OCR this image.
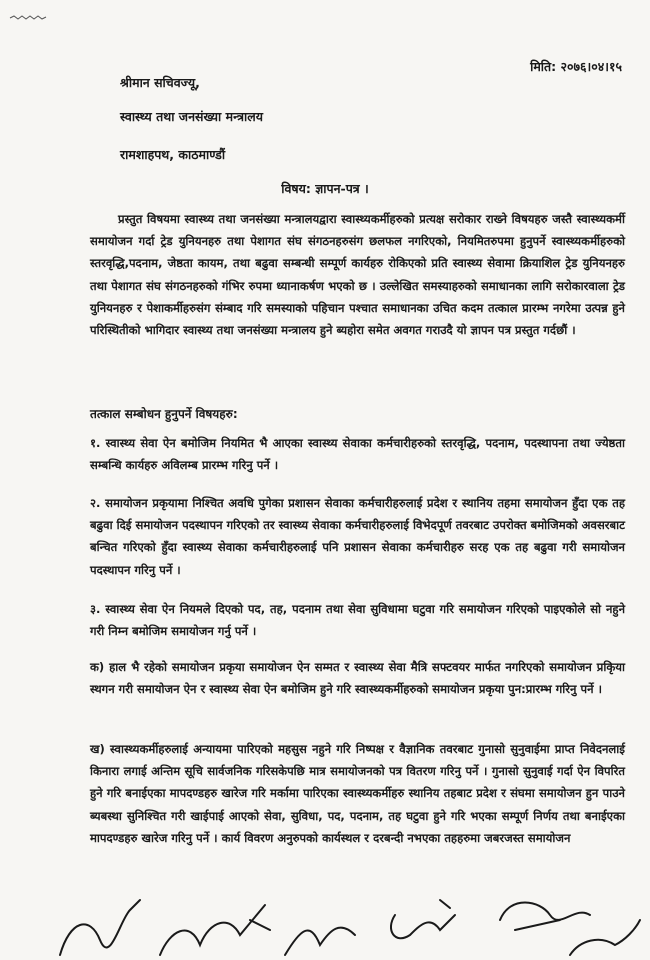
मिति: २०७६।०४।१५
श्रीमान सचिवज्यू,
स्वास्थ्य तथा जनसंख्या मन्त्रालय
रामशाहपथ, काठमाण्डौं
विषय: ज्ञापन-पत्र ।
प्रस्तुत विषयमा स्वास्थ्य तथा जनसंख्या मन्त्रालयद्वारा स्वास्थ्यकर्मीहरुको प्रत्यक्ष सरोकार राख्ने विषयहरु जस्तै स्वास्थ्यकर्मी समायोजन गर्दा ट्रेड युनियनहरु तथा पेशागत संघ संगठनहरुसंग छलफल नगरिएको, नियमितरुपमा हुनुपर्ने स्वास्थ्यकर्मीहरुको स्तरवृद्धि,पदनाम, जेष्ठता कायम, तथा बढुवा सम्बन्धी सम्पूर्ण कार्यहरु रोकिएको प्रति स्वास्थ्य सेवामा क्रियाशिल ट्रेड युनियनहरु तथा पेशागत संघ संगठनहरुको गंभिर रुपमा ध्यानाकर्षण भएको छ । उल्लेखित समस्याहरुको समाधानका लागि सरोकारवाला ट्रेड युनियनहरु र पेशाकर्मीहरुसंग संम्बाद गरि समस्याको पहिचान पश्चात समाधानका उचित कदम तत्काल प्रारम्भ नगरेमा उत्पन्न हुने परिस्थितीको भागिदार स्वास्थ्य तथा जनसंख्या मन्त्रालय हुने ब्यहोरा समेत अवगत गराउदै यो ज्ञापन पत्र प्रस्तुत गर्दछौं ।
तत्काल सम्बोधन हुनुपर्ने विषयहरु:
१. स्वास्थ्य सेवा ऐन बमोजिम नियमित भै आएका स्वास्थ्य सेवाका कर्मचारीहरुको स्तरवृद्धि, पदनाम, पदस्थापना तथा ज्येष्ठता सम्बन्धि कार्यहरु अविलम्ब प्रारम्भ गरिनु पर्ने ।
२. समायोजन प्रकृयामा निश्चित अवधि पुगेका प्रशासन सेवाका कर्मचारीहरुलाई प्रदेश र स्थानिय तहमा समायोजन हुँदा एक तह बढुवा दिई समायोजन पदस्थापन गरिएको तर स्वास्थ्य सेवाका कर्मचारीहरुलाई विभेदपूर्ण तवरबाट उपरोक्त बमोजिमको अवसरबाट बन्चित गरिएको हुँदा स्वास्थ्य सेवाका कर्मचारीहरुलाई पनि प्रशासन सेवाका कर्मचारीहरु सरह एक तह बढुवा गरी समायोजन पदस्थापन गरिनु पर्ने ।
३. स्वास्थ्य सेवा ऐन नियमले दिएको पद, तह, पदनाम तथा सेवा सुविधामा घटुवा गरि समायोजन गरिएको पाइएकोले सो नहुने गरी निम्न बमोजिम समायोजन गर्नु पर्ने ।
क) हाल भै रहेको समायोजन प्रकृया समायोजन ऐन सम्मत र स्वास्थ्य सेवा मैत्रि सफ्टवयर मार्फत नगरिएको समायोजन प्रकृिया स्थगन गरी समायोजन ऐन र स्वास्थ्य सेवा ऐन बमोजिम हुने गरि स्वास्थ्यकर्मीहरुको समायोजन प्रकृया पुन:प्रारम्भ गरिनु पर्ने ।
ख) स्वास्थ्यकर्मीहरुलाई अन्यायमा पारिएको महसुस नहुने गरि निष्पक्ष र वैज्ञानिक तवरबाट गुनासो सुनुवाईमा प्राप्त निवेदनलाई किनारा लगाई अन्तिम सूचि सार्वजनिक गरिसकेपछि मात्र समायोजनको पत्र वितरण गरिनु पर्ने । गुनासो सुनुवाई गर्दा ऐन विपरित हुने गरि बनाईएका मापदण्डहरु खारेज गरि मर्कामा पारिएका स्वास्थ्यकर्मीहरु स्थानिय तहबाट प्रदेश र संघमा समायोजन हुन पाउने ब्यबस्था सुनिश्चित गरी खाईपाई आएको सेवा, सुविधा, पद, पदनाम, तह घटुवा हुने गरि भएका सम्पूर्ण निर्णय तथा बनाईएका मापदण्डहरु खारेज गरिनु पर्ने । कार्य विवरण अनुरुपको कार्यस्थल र दरबन्दी नभएका तहहरुमा जबरजस्त समायोजन
